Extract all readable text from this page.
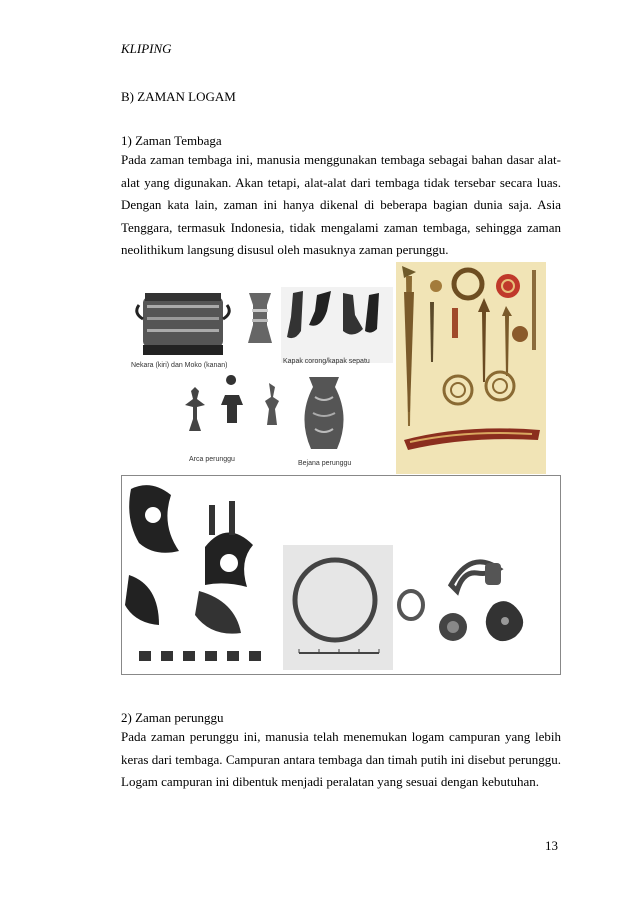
KLIPING
B) ZAMAN LOGAM
1) Zaman Tembaga

Pada zaman tembaga ini, manusia menggunakan tembaga sebagai bahan dasar alat-alat yang digunakan. Akan tetapi, alat-alat dari tembaga tidak tersebar secara luas. Dengan kata lain, zaman ini hanya dikenal di beberapa bagian dunia saja. Asia Tenggara, termasuk Indonesia, tidak mengalami zaman tembaga, sehingga zaman neolithikum langsung disusul oleh masuknya zaman perunggu.

Nekara (kiri) dan Moko (kanan)
Kapak corong/kapak sepatu
Arca perunggu
Bejana perunggu
2) Zaman perunggu

Pada zaman perunggu ini, manusia telah menemukan logam campuran yang lebih keras dari tembaga. Campuran antara tembaga dan timah putih ini disebut perunggu. Logam campuran ini dibentuk menjadi peralatan yang sesuai dengan kebutuhan.

13
